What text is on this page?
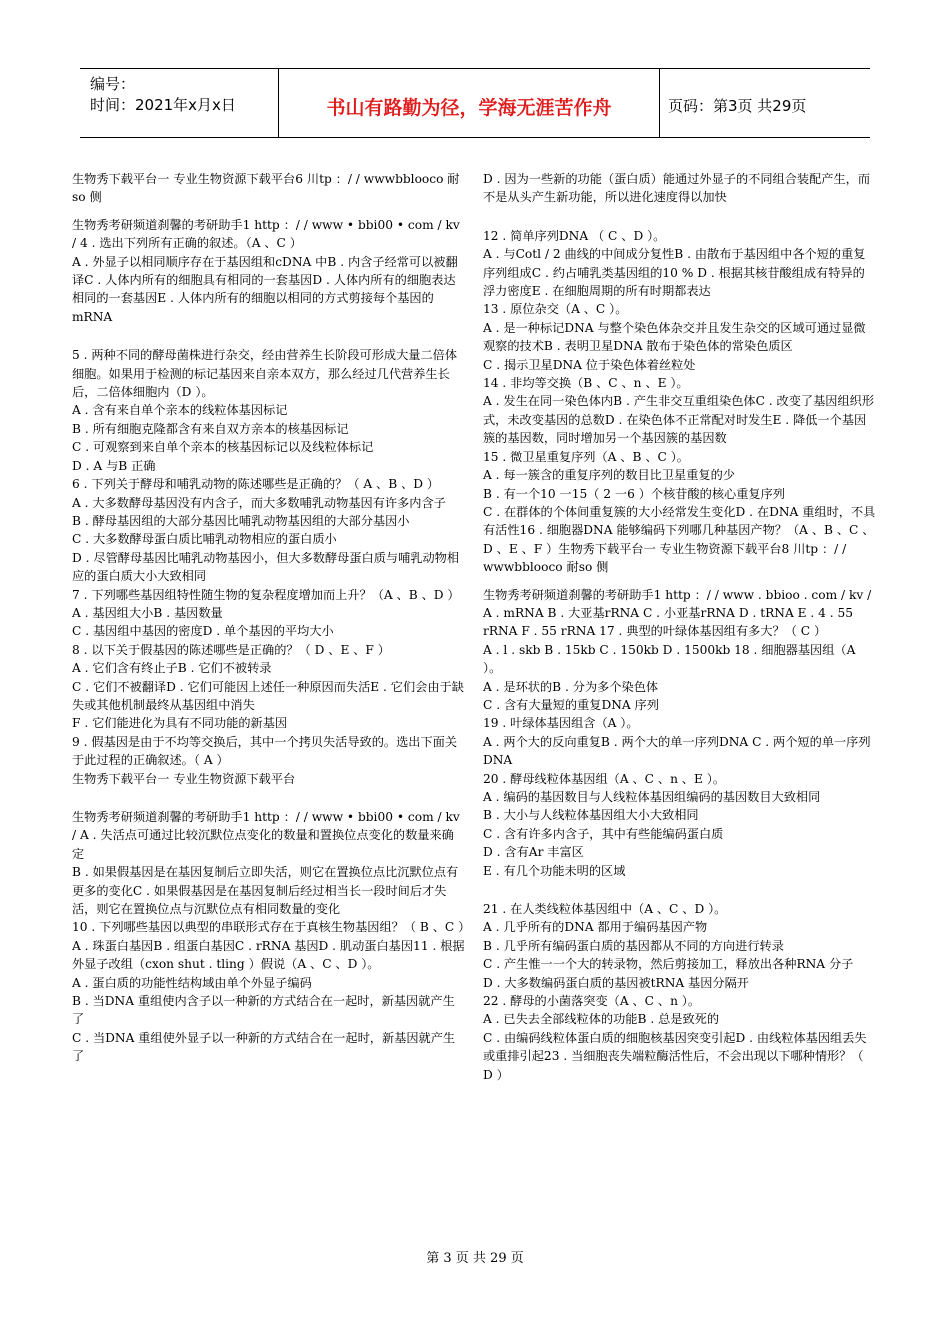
编号：
时间：2021年x月x日	书山有路勤为径，学海无涯苦作舟	页码：第3页 共29页

生物秀下载平台一 专业生物资源下载平台6 川tp ：/ / wwwbblooco 耐so 侧

生物秀考研频道刹馨的考研助手1 http ：/ / www • bbi00 • com / kv / 4 . 选出下列所有正确的叙述。（A 、C ）

A . 外显子以相同顺序存在于基因组和cDNA 中B . 内含子经常可以被翻译C . 人体内所有的细胞具有相同的一套基因D . 人体内所有的细胞表达相同的一套基因E . 人体内所有的细胞以相同的方式剪接每个基因的mRNA

5 . 两种不同的酵母菌株进行杂交，经由营养生长阶段可形成大量二倍体细胞。如果用于检测的标记基因来自亲本双方，那么经过几代营养生长后，二倍体细胞内（D ）。

A . 含有来自单个亲本的线粒体基因标记

B . 所有细胞克隆都含有来自双方亲本的核基因标记

C . 可观察到来自单个亲本的核基因标记以及线粒体标记

D . A 与B 正确

6 . 下列关于酵母和哺乳动物的陈述哪些是正确的？（ A 、B 、D ）

A . 大多数酵母基因没有内含子，而大多数哺乳动物基因有许多内含子

B . 酵母基因组的大部分基因比哺乳动物基因组的大部分基因小

C . 大多数酵母蛋白质比哺乳动物相应的蛋白质小

D . 尽管酵母基因比哺乳动物基因小，但大多数酵母蛋白质与哺乳动物相应的蛋白质大小大致相同

7 . 下列哪些基因组特性随生物的复杂程度增加而上升？（A 、B 、D ）

A . 基因组大小B . 基因数量

C . 基因组中基因的密度D . 单个基因的平均大小

8 . 以下关于假基因的陈述哪些是正确的？（ D 、E 、F ）

A . 它们含有终止子B . 它们不被转录

C . 它们不被翻译D . 它们可能因上述任一种原因而失活E . 它们会由于缺失或其他机制最终从基因组中消失

F . 它们能进化为具有不同功能的新基因

9 . 假基因是由于不均等交换后，其中一个拷贝失活导致的。选出下面关于此过程的正确叙述。（ A ）

生物秀下载平台一 专业生物资源下载平台

生物秀考研频道刹馨的考研助手1 http ：/ / www • bbi00 • com / kv / A . 失活点可通过比较沉默位点变化的数量和置换位点变化的数量来确定

B . 如果假基因是在基因复制后立即失活，则它在置换位点比沉默位点有更多的变化C . 如果假基因是在基因复制后经过相当长一段时间后才失活，则它在置换位点与沉默位点有相同数量的变化

10 . 下列哪些基因以典型的串联形式存在于真核生物基因组？（ B 、C ）

A . 珠蛋白基因B . 组蛋白基因C . rRNA 基因D . 肌动蛋白基因11 . 根据外显子改组（cxon shut . tling ）假说（A 、C 、D ）。

A . 蛋白质的功能性结构域由单个外显子编码

B . 当DNA 重组使内含子以一种新的方式结合在一起时，新基因就产生了

C . 当DNA 重组使外显子以一种新的方式结合在一起时，新基因就产生了

D . 因为一些新的功能（蛋白质）能通过外显子的不同组合装配产生，而不是从头产生新功能，所以进化速度得以加快

12 . 简单序列DNA （ C 、D ）。

A . 与Cotl / 2 曲线的中间成分复性B . 由散布于基因组中各个短的重复序列组成C . 约占哺乳类基因组的10 % D . 根据其核苷酸组成有特异的浮力密度E . 在细胞周期的所有时期都表达

13 . 原位杂交（A 、C ）。

A . 是一种标记DNA 与整个染色体杂交并且发生杂交的区域可通过显微观察的技术B . 表明卫星DNA 散布于染色体的常染色质区

C . 揭示卫星DNA 位于染色体着丝粒处

14 . 非均等交换（B 、C 、n 、E ）。

A . 发生在同一染色体内B . 产生非交互重组染色体C . 改变了基因组织形式，未改变基因的总数D . 在染色体不正常配对时发生E . 降低一个基因簇的基因数，同时增加另一个基因簇的基因数

15 . 微卫星重复序列（A 、B 、C ）。

A . 每一簇含的重复序列的数目比卫星重复的少

B . 有一个10 一15（ 2 一6 ）个核苷酸的核心重复序列

C . 在群体的个体间重复簇的大小经常发生变化D . 在DNA 重组时，不具有活性16 . 细胞器DNA 能够编码下列哪几种基因产物？（A 、B 、C 、D 、E 、F ）生物秀下载平台一 专业生物资源下载平台8 川tp ：/ / wwwbblooco 耐so 侧

生物秀考研频道刹馨的考研助手1 http ：/ / www . bbioo . com / kv / A . mRNA B . 大亚基rRNA C . 小亚基rRNA D . tRNA E . 4 . 55 rRNA F . 55 rRNA 17 . 典型的叶绿体基因组有多大？（ C ）

A . l . skb B . 15kb C . 150kb D . 1500kb 18 . 细胞器基因组（A ）。

A . 是环状的B . 分为多个染色体

C . 含有大量短的重复DNA 序列

19 . 叶绿体基因组含（A ）。

A . 两个大的反向重复B . 两个大的单一序列DNA C . 两个短的单一序列DNA

20 . 酵母线粒体基因组（A 、C 、n 、E ）。

A . 编码的基因数目与人线粒体基因组编码的基因数目大致相同

B . 大小与人线粒体基因组大小大致相同

C . 含有许多内含子，其中有些能编码蛋白质

D . 含有Ar 丰富区

E . 有几个功能未明的区域

21 . 在人类线粒体基因组中（A 、C 、D ）。

A . 几乎所有的DNA 都用于编码基因产物

B . 几乎所有编码蛋白质的基因都从不同的方向进行转录

C . 产生惟一一个大的转录物，然后剪接加工，释放出各种RNA 分子

D . 大多数编码蛋白质的基因被tRNA 基因分隔开

22 . 酵母的小菌落突变（A 、C 、n ）。

A . 已失去全部线粒体的功能B . 总是致死的

C . 由编码线粒体蛋白质的细胞核基因突变引起D . 由线粒体基因组丢失或重排引起23 . 当细胞丧失端粒酶活性后，不会出现以下哪种情形？（ D ）

第 3 页 共 29 页
